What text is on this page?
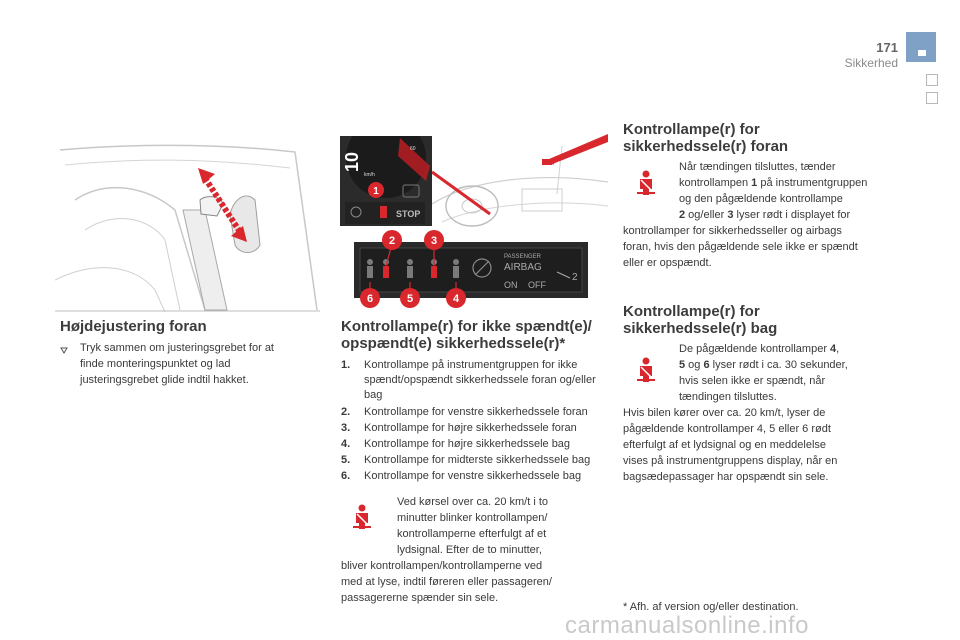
171
Sikkerhed
10
km/h
60
1
STOP
PASSENGER
AIRBAG
ON OFF
2
2	3
4
5
6
Højdejustering foran
Tryk sammen om justeringsgrebet for at finde monteringspunktet og lad justeringsgrebet glide indtil hakket.
Kontrollampe(r) for ikke spændt(e)/
opspændt(e) sikkerhedssele(r)*
1. Kontrollampe på instrumentgruppen for ikke spændt/opspændt sikkerhedssele foran og/eller bag
2. Kontrollampe for venstre sikkerhedssele foran
3. Kontrollampe for højre sikkerhedssele foran
4. Kontrollampe for højre sikkerhedssele bag
5. Kontrollampe for midterste sikkerhedssele bag
6. Kontrollampe for venstre sikkerhedssele bag
Ved kørsel over ca. 20 km/t i to
minutter blinker kontrollampen/
kontrollamperne efterfulgt af et
lydsignal. Efter de to minutter,
bliver kontrollampen/kontrollamperne ved
med at lyse, indtil føreren eller passageren/
passagererne spænder sin sele.
Kontrollampe(r) for
sikkerhedssele(r) foran
Når tændingen tilsluttes, tænder
kontrollampen 1 på instrumentgruppen
og den pågældende kontrollampe
2 og/eller 3 lyser rødt i displayet for
kontrollamper for sikkerhedsseller og airbags
foran, hvis den pågældende sele ikke er spændt
eller er opspændt.
Kontrollampe(r) for
sikkerhedssele(r) bag
De pågældende kontrollamper 4,
5 og 6 lyser rødt i ca. 30 sekunder,
hvis selen ikke er spændt, når
tændingen tilsluttes.
Hvis bilen kører over ca. 20 km/t, lyser de
pågældende kontrollamper 4, 5 eller 6 rødt
efterfulgt af et lydsignal og en meddelelse
vises på instrumentgruppens display, når en
bagsædepassager har opspændt sin sele.
* Afh. af version og/eller destination.
carmanualsonline.info
